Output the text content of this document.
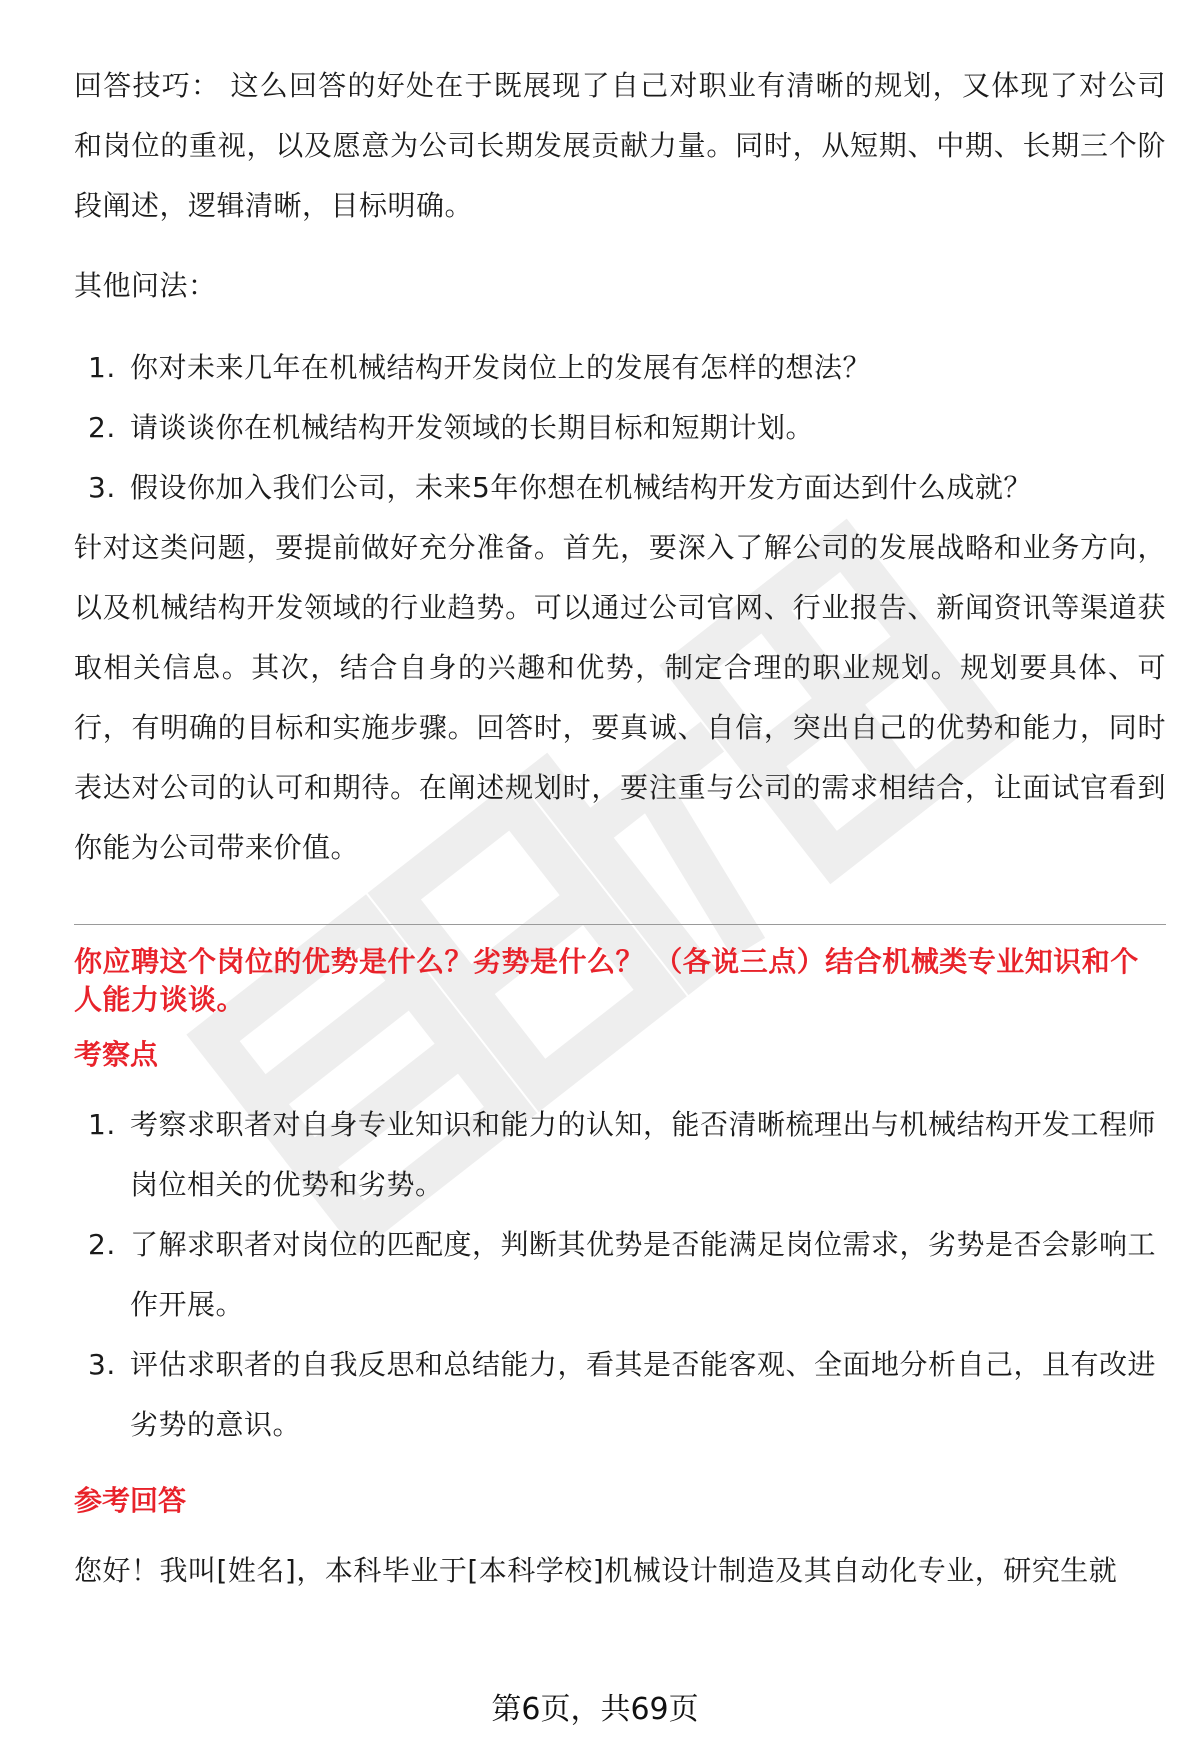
回答技巧： 这么回答的好处在于既展现了自己对职业有清晰的规划，又体现了对公司和岗位的重视，以及愿意为公司长期发展贡献力量。同时，从短期、中期、长期三个阶段阐述，逻辑清晰，目标明确。

其他问法：

1. 你对未来几年在机械结构开发岗位上的发展有怎样的想法？
2. 请谈谈你在机械结构开发领域的长期目标和短期计划。
3. 假设你加入我们公司，未来5年你想在机械结构开发方面达到什么成就？

针对这类问题，要提前做好充分准备。首先，要深入了解公司的发展战略和业务方向，以及机械结构开发领域的行业趋势。可以通过公司官网、行业报告、新闻资讯等渠道获取相关信息。其次，结合自身的兴趣和优势，制定合理的职业规划。规划要具体、可行，有明确的目标和实施步骤。回答时，要真诚、自信，突出自己的优势和能力，同时表达对公司的认可和期待。在阐述规划时，要注重与公司的需求相结合，让面试官看到你能为公司带来价值。

你应聘这个岗位的优势是什么？劣势是什么？ （各说三点）结合机械类专业知识和个人能力谈谈。
考察点
1. 考察求职者对自身专业知识和能力的认知，能否清晰梳理出与机械结构开发工程师岗位相关的优势和劣势。
2. 了解求职者对岗位的匹配度，判断其优势是否能满足岗位需求，劣势是否会影响工作开展。
3. 评估求职者的自我反思和总结能力，看其是否能客观、全面地分析自己，且有改进劣势的意识。
参考回答

您好！我叫[姓名]，本科毕业于[本科学校]机械设计制造及其自动化专业，研究生就

第6页，共69页
